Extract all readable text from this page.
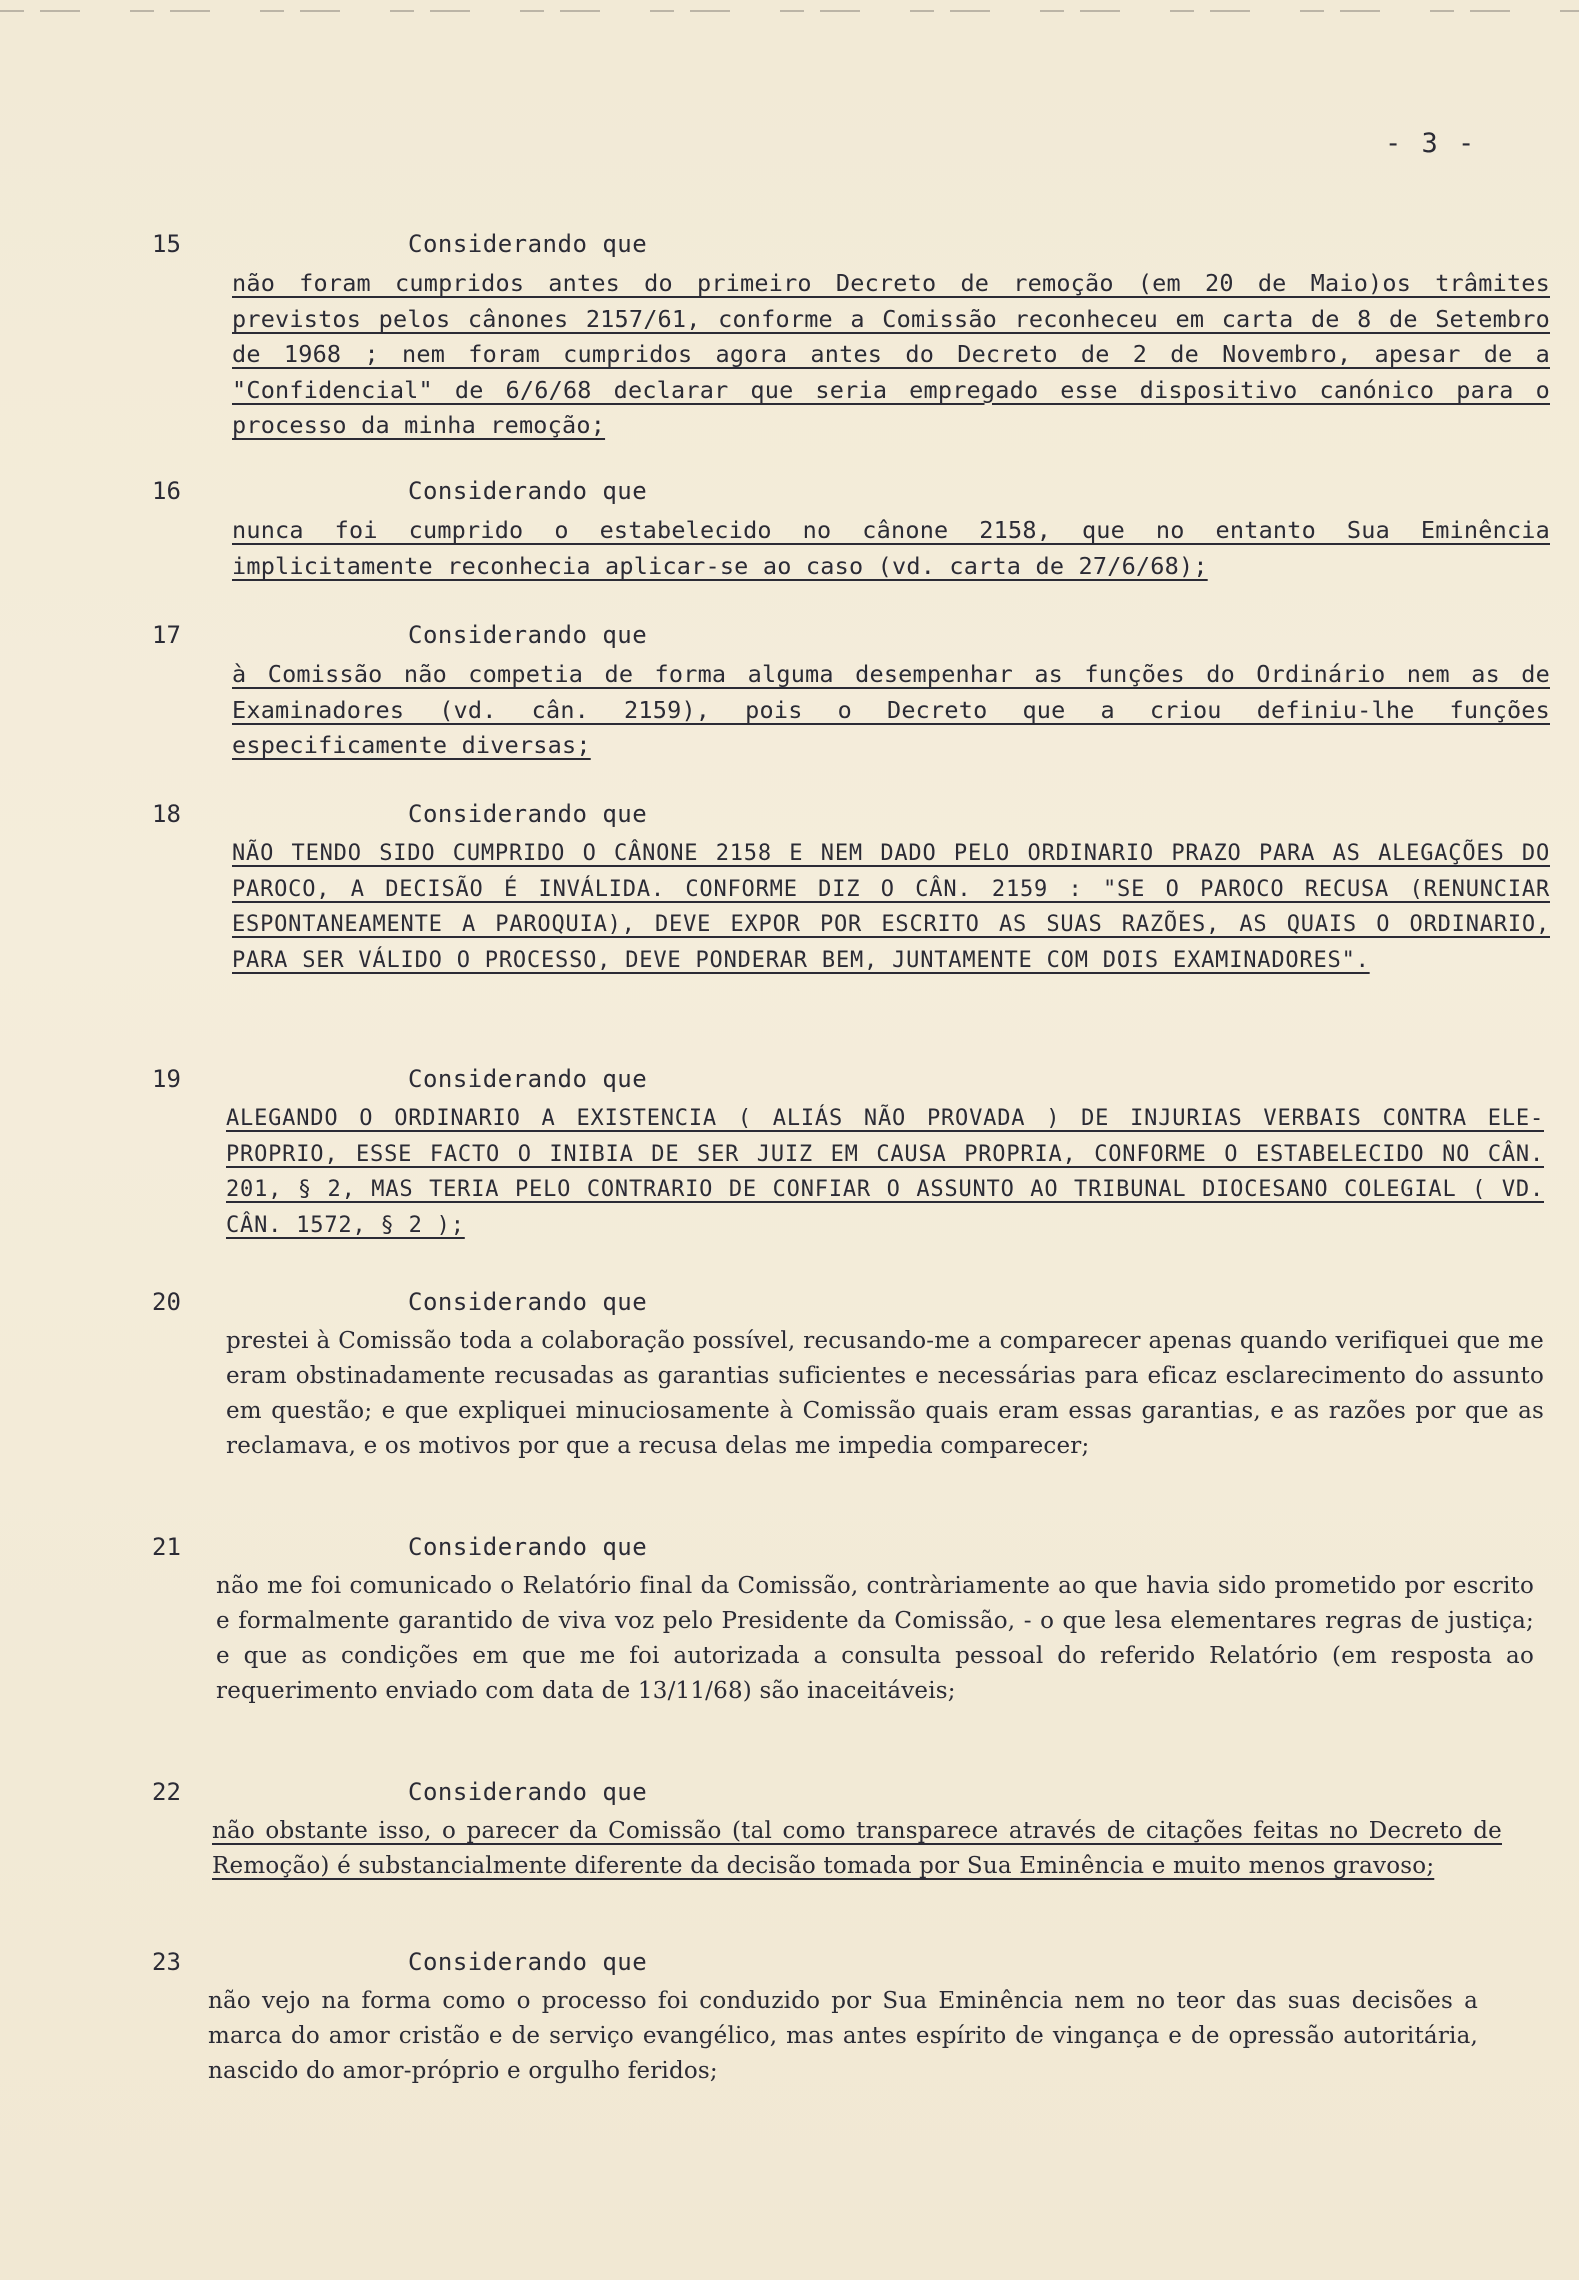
- 3 -
15	Considerando que
não foram cumpridos antes do primeiro Decreto de remoção (em 20 de Maio)os trâmites previstos pelos cânones 2157/61, conforme a Comissão reconheceu em carta de 8 de Setembro de 1968 ; nem foram cumpridos agora antes do Decreto de 2 de Novembro, apesar de a "Confidencial" de 6/6/68 declarar que seria empregado esse dispositivo canónico para o processo da minha remoção;
16	Considerando que
nunca foi cumprido o estabelecido no cânone 2158, que no entanto Sua Eminência implicitamente reconhecia aplicar-se ao caso (vd. carta de 27/6/68);
17	Considerando que
à Comissão não competia de forma alguma desempenhar as funções do Ordinário nem as de Examinadores (vd. cân. 2159), pois o Decreto que a criou definiu-lhe funções especificamente diversas;
18	Considerando que
NÃO TENDO SIDO CUMPRIDO O CÂNONE 2158 E NEM DADO PELO ORDINARIO PRAZO PARA AS ALEGAÇÕES DO PAROCO, A DECISÃO É INVÁLIDA. CONFORME DIZ O CÂN. 2159 : "SE O PAROCO RECUSA (RENUNCIAR ESPONTANEAMENTE A PAROQUIA), DEVE EXPOR POR ESCRITO AS SUAS RAZÕES, AS QUAIS O ORDINARIO, PARA SER VÁLIDO O PROCESSO, DEVE PONDERAR BEM, JUNTAMENTE COM DOIS EXAMINADORES".
19	Considerando que
ALEGANDO O ORDINARIO A EXISTENCIA ( ALIÁS NÃO PROVADA ) DE INJURIAS VERBAIS CONTRA ELE-PROPRIO, ESSE FACTO O INIBIA DE SER JUIZ EM CAUSA PROPRIA, CONFORME O ESTABELECIDO NO CÂN. 201, § 2, MAS TERIA PELO CONTRARIO DE CONFIAR O ASSUNTO AO TRIBUNAL DIOCESANO COLEGIAL ( VD. CÂN. 1572, § 2 );
20	Considerando que
prestei à Comissão toda a colaboração possível, recusando-me a comparecer apenas quando verifiquei que me eram obstinadamente recusadas as garantias suficientes e necessárias para eficaz esclarecimento do assunto em questão; e que expliquei minuciosamente à Comissão quais eram essas garantias, e as razões por que as reclamava, e os motivos por que a recusa delas me impedia comparecer;
21	Considerando que
não me foi comunicado o Relatório final da Comissão, contràriamente ao que havia sido prometido por escrito e formalmente garantido de viva voz pelo Presidente da Comissão, - o que lesa elementares regras de justiça; e que as condições em que me foi autorizada a consulta pessoal do referido Relatório (em resposta ao requerimento enviado com data de 13/11/68) são inaceitáveis;
22	Considerando que
não obstante isso, o parecer da Comissão (tal como transparece através de citações feitas no Decreto de Remoção) é substancialmente diferente da decisão tomada por Sua Eminência e muito menos gravoso;
23	Considerando que
não vejo na forma como o processo foi conduzido por Sua Eminência nem no teor das suas decisões a marca do amor cristão e de serviço evangélico, mas antes espírito de vingança e de opressão autoritária, nascido do amor-próprio e orgulho feridos;
